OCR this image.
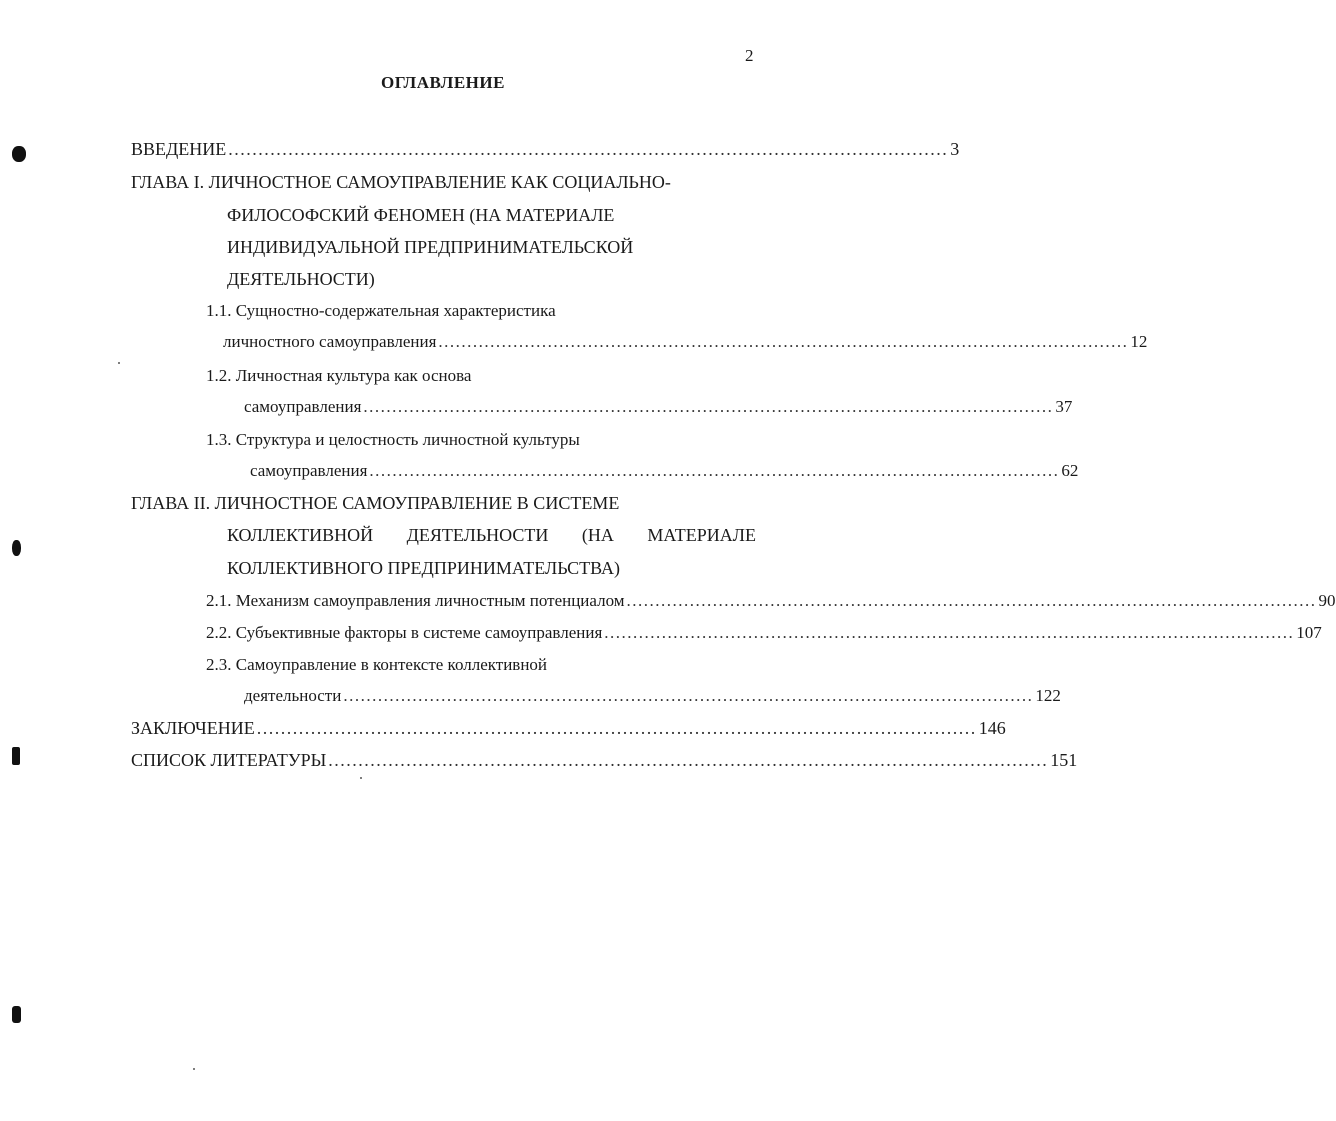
2
ОГЛАВЛЕНИЕ
ВВЕДЕНИЕ ........................................................................................................................ 3
ГЛАВА I. ЛИЧНОСТНОЕ САМОУПРАВЛЕНИЕ КАК СОЦИАЛЬНО-
ФИЛОСОФСКИЙ ФЕНОМЕН (НА МАТЕРИАЛЕ
ИНДИВИДУАЛЬНОЙ ПРЕДПРИНИМАТЕЛЬСКОЙ
ДЕЯТЕЛЬНОСТИ)
1.1. Сущностно-содержательная характеристика
личностного самоуправления ........................................................................................................................ 12
1.2. Личностная культура как основа
самоуправления ........................................................................................................................ 37
1.3. Структура и целостность личностной культуры
самоуправления ........................................................................................................................ 62
ГЛАВА II. ЛИЧНОСТНОЕ САМОУПРАВЛЕНИЕ В СИСТЕМЕ
КОЛЛЕКТИВНОЙ ДЕЯТЕЛЬНОСТИ (НА МАТЕРИАЛЕ
КОЛЛЕКТИВНОГО ПРЕДПРИНИМАТЕЛЬСТВА)
2.1. Механизм самоуправления личностным потенциалом ........................................................................................................................ 90
2.2. Субъективные факторы в системе самоуправления ........................................................................................................................ 107
2.3. Самоуправление в контексте коллективной
деятельности ........................................................................................................................ 122
ЗАКЛЮЧЕНИЕ ........................................................................................................................ 146
СПИСОК ЛИТЕРАТУРЫ ........................................................................................................................ 151
